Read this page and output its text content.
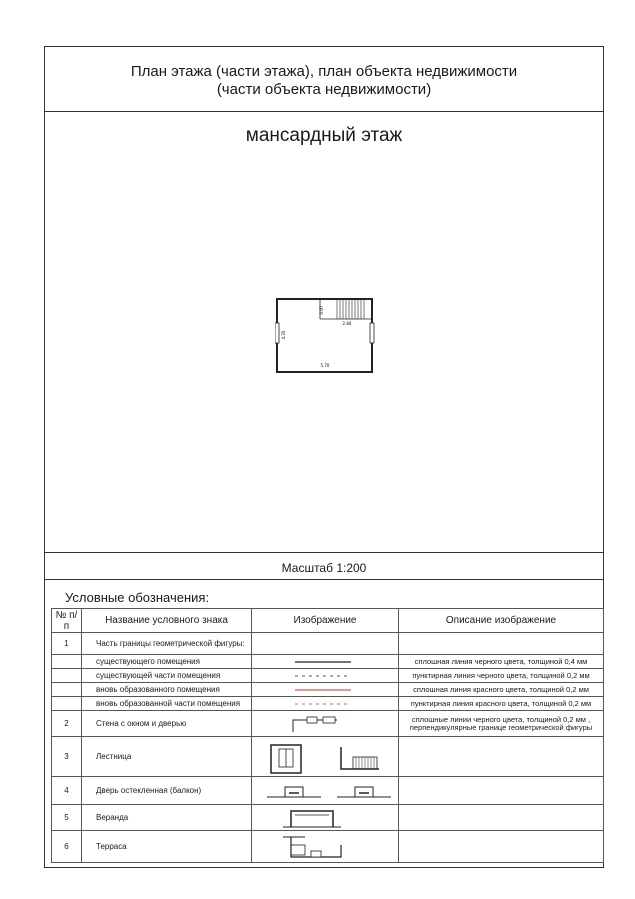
План этажа (части этажа), план объекта недвижимости
(части объекта недвижимости)
мансардный этаж
2.84
0.97
4.35
5.70
Масштаб 1:200
Условные обозначения:
№ п/п	Название условного знака	Изображение	Описание изображение
1	Часть границы геометрической фигуры:		
	существующего помещения		сплошная линия черного цвета, толщиной 0,4 мм
	существующей части помещения		пунктирная линия черного цвета, толщиной 0,2 мм
	вновь образованного помещения		сплошная линия красного цвета, толщиной 0,2 мм
	вновь образованной части помещения		пунктирная линия красного цвета, толщиной 0,2 мм
2	Стена с окном и дверью		сплошные линии черного цвета, толщиной 0,2 мм , перпендикулярные границе геометрической фигуры
3	Лестница	

4	Дверь остекленная (балкон)	

5	Веранда	

6	Терраса	
